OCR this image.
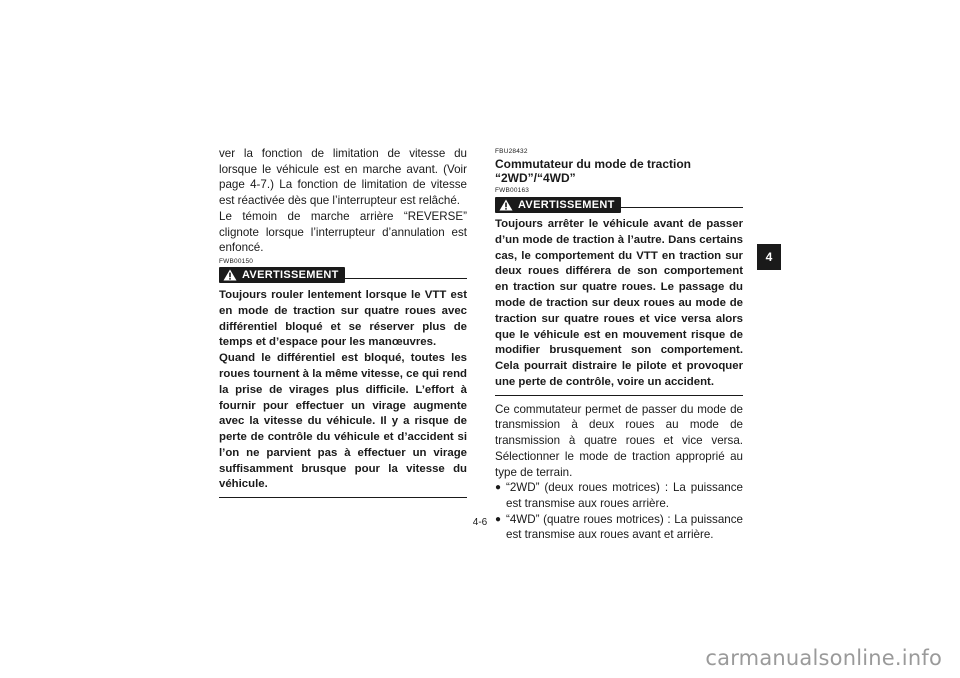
ver la fonction de limitation de vitesse du lorsque le véhicule est en marche avant. (Voir page 4-7.) La fonction de limitation de vitesse est réactivée dès que l’interrupteur est relâché.

Le témoin de marche arrière “REVERSE” clignote lorsque l’interrupteur d’annulation est enfoncé.

FWB00150
AVERTISSEMENT

Toujours rouler lentement lorsque le VTT est en mode de traction sur quatre roues avec différentiel bloqué et se réserver plus de temps et d’espace pour les manœuvres.

Quand le différentiel est bloqué, toutes les roues tournent à la même vitesse, ce qui rend la prise de virages plus difficile. L’effort à fournir pour effectuer un virage augmente avec la vitesse du véhicule. Il y a risque de perte de contrôle du véhicule et d’accident si l’on ne parvient pas à effectuer un virage suffisamment brusque pour la vitesse du véhicule.

FBU28432
Commutateur du mode de traction
“2WD”/“4WD”
FWB00163
AVERTISSEMENT

Toujours arrêter le véhicule avant de passer d’un mode de traction à l’autre. Dans certains cas, le comportement du VTT en traction sur deux roues différera de son comportement en traction sur quatre roues. Le passage du mode de traction sur deux roues au mode de traction sur quatre roues et vice versa alors que le véhicule est en mouvement risque de modifier brusquement son comportement. Cela pourrait distraire le pilote et provoquer une perte de contrôle, voire un accident.

Ce commutateur permet de passer du mode de transmission à deux roues au mode de transmission à quatre roues et vice versa. Sélectionner le mode de traction approprié au type de terrain.

● “2WD” (deux roues motrices) : La puissance est transmise aux roues arrière.
● “4WD” (quatre roues motrices) : La puissance est transmise aux roues avant et arrière.
4
4-6
carmanualsonline.info
